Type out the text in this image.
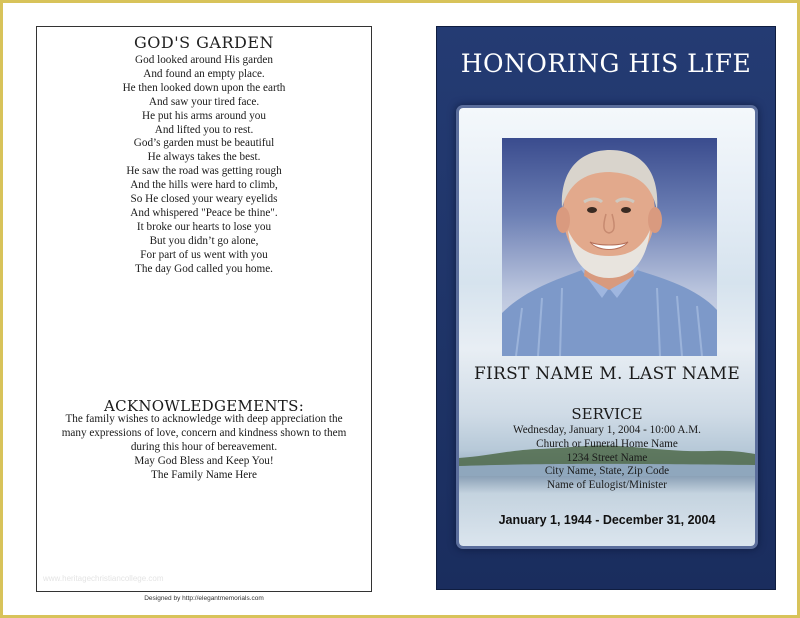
GOD'S GARDEN
God looked around His garden
And found an empty place.
He then looked down upon the earth
And saw your tired face.
He put his arms around you
And lifted you to rest.
God’s garden must be beautiful
He always takes the best.
He saw the road was getting rough
And the hills were hard to climb,
So He closed your weary eyelids
And whispered "Peace be thine".
It broke our hearts to lose you
But you didn’t go alone,
For part of us went with you
The day God called you home.
ACKNOWLEDGEMENTS:
The family wishes to acknowledge with deep appreciation the
many expressions of love, concern and kindness shown to them
during this hour of bereavement.
May God Bless and Keep You!
The Family Name Here
www.heritagechristiancollege.com
Designed by http://elegantmemorials.com
HONORING HIS LIFE
FIRST NAME M. LAST NAME
SERVICE
Wednesday, January 1, 2004 - 10:00 A.M.
Church or Funeral Home Name
1234 Street Name
City Name, State, Zip Code
Name of Eulogist/Minister
January 1, 1944 - December 31, 2004
